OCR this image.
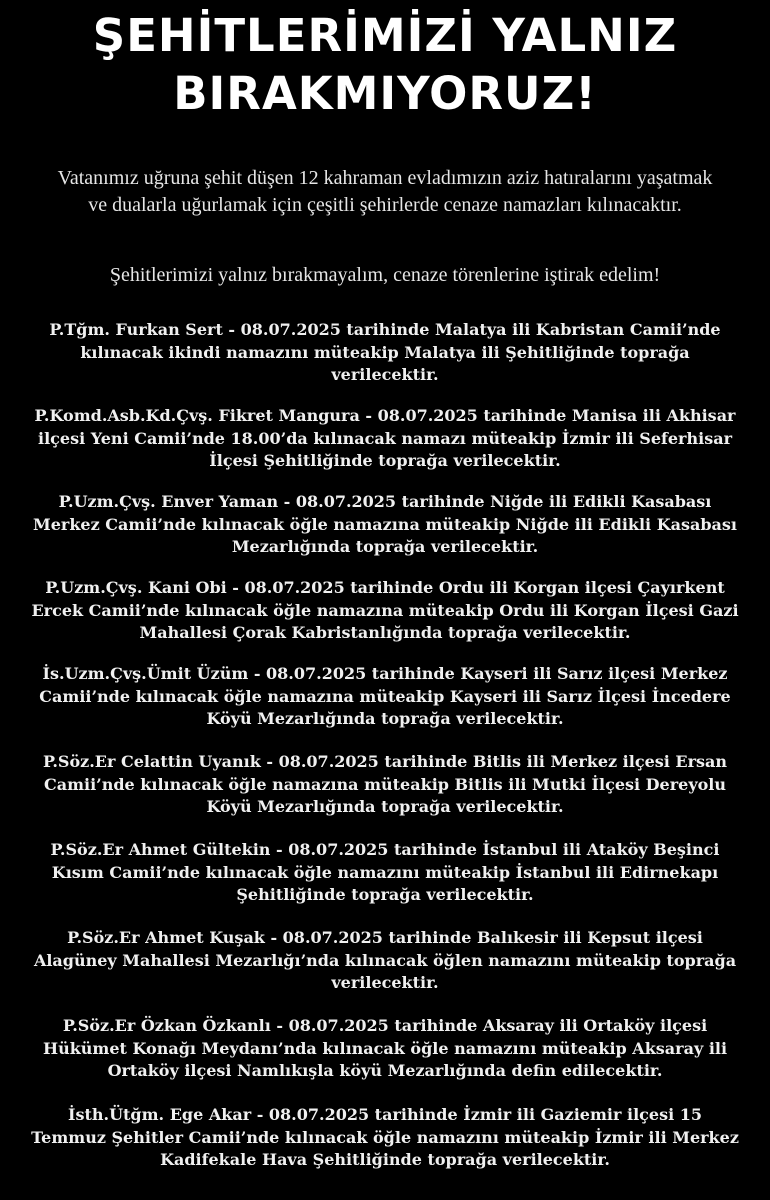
ŞEHİTLERİMİZİ YALNIZ
BIRAKMIYORUZ!
Vatanımız uğruna şehit düşen 12 kahraman evladımızın aziz hatıralarını yaşatmak ve dualarla uğurlamak için çeşitli şehirlerde cenaze namazları kılınacaktır.
Şehitlerimizi yalnız bırakmayalım, cenaze törenlerine iştirak edelim!
P.Tğm. Furkan Sert - 08.07.2025 tarihinde Malatya ili Kabristan Camii’nde kılınacak ikindi namazını müteakip Malatya ili Şehitliğinde toprağa verilecektir.
P.Komd.Asb.Kd.Çvş. Fikret Mangura - 08.07.2025 tarihinde Manisa ili Akhisar ilçesi Yeni Camii’nde 18.00’da kılınacak namazı müteakip İzmir ili Seferhisar İlçesi Şehitliğinde toprağa verilecektir.
P.Uzm.Çvş. Enver Yaman - 08.07.2025 tarihinde Niğde ili Edikli Kasabası Merkez Camii’nde kılınacak öğle namazına müteakip Niğde ili Edikli Kasabası Mezarlığında toprağa verilecektir.
P.Uzm.Çvş. Kani Obi - 08.07.2025 tarihinde Ordu ili Korgan ilçesi Çayırkent Ercek Camii’nde kılınacak öğle namazına müteakip Ordu ili Korgan İlçesi Gazi Mahallesi Çorak Kabristanlığında toprağa verilecektir.
İs.Uzm.Çvş.Ümit Üzüm - 08.07.2025 tarihinde Kayseri ili Sarız ilçesi Merkez Camii’nde kılınacak öğle namazına müteakip Kayseri ili Sarız İlçesi İncedere Köyü Mezarlığında toprağa verilecektir.
P.Söz.Er Celattin Uyanık - 08.07.2025 tarihinde Bitlis ili Merkez ilçesi Ersan Camii’nde kılınacak öğle namazına müteakip Bitlis ili Mutki İlçesi Dereyolu Köyü Mezarlığında toprağa verilecektir.
P.Söz.Er Ahmet Gültekin - 08.07.2025 tarihinde İstanbul ili Ataköy Beşinci Kısım Camii’nde kılınacak öğle namazını müteakip İstanbul ili Edirnekapı Şehitliğinde toprağa verilecektir.
P.Söz.Er Ahmet Kuşak - 08.07.2025 tarihinde Balıkesir ili Kepsut ilçesi Alagüney Mahallesi Mezarlığı’nda kılınacak öğlen namazını müteakip toprağa verilecektir.
P.Söz.Er Özkan Özkanlı - 08.07.2025 tarihinde Aksaray ili Ortaköy ilçesi Hükümet Konağı Meydanı’nda kılınacak öğle namazını müteakip Aksaray ili Ortaköy ilçesi Namlıkışla köyü Mezarlığında defin edilecektir.
İsth.Ütğm. Ege Akar - 08.07.2025 tarihinde İzmir ili Gaziemir ilçesi 15 Temmuz Şehitler Camii’nde kılınacak öğle namazını müteakip İzmir ili Merkez Kadifekale Hava Şehitliğinde toprağa verilecektir.
